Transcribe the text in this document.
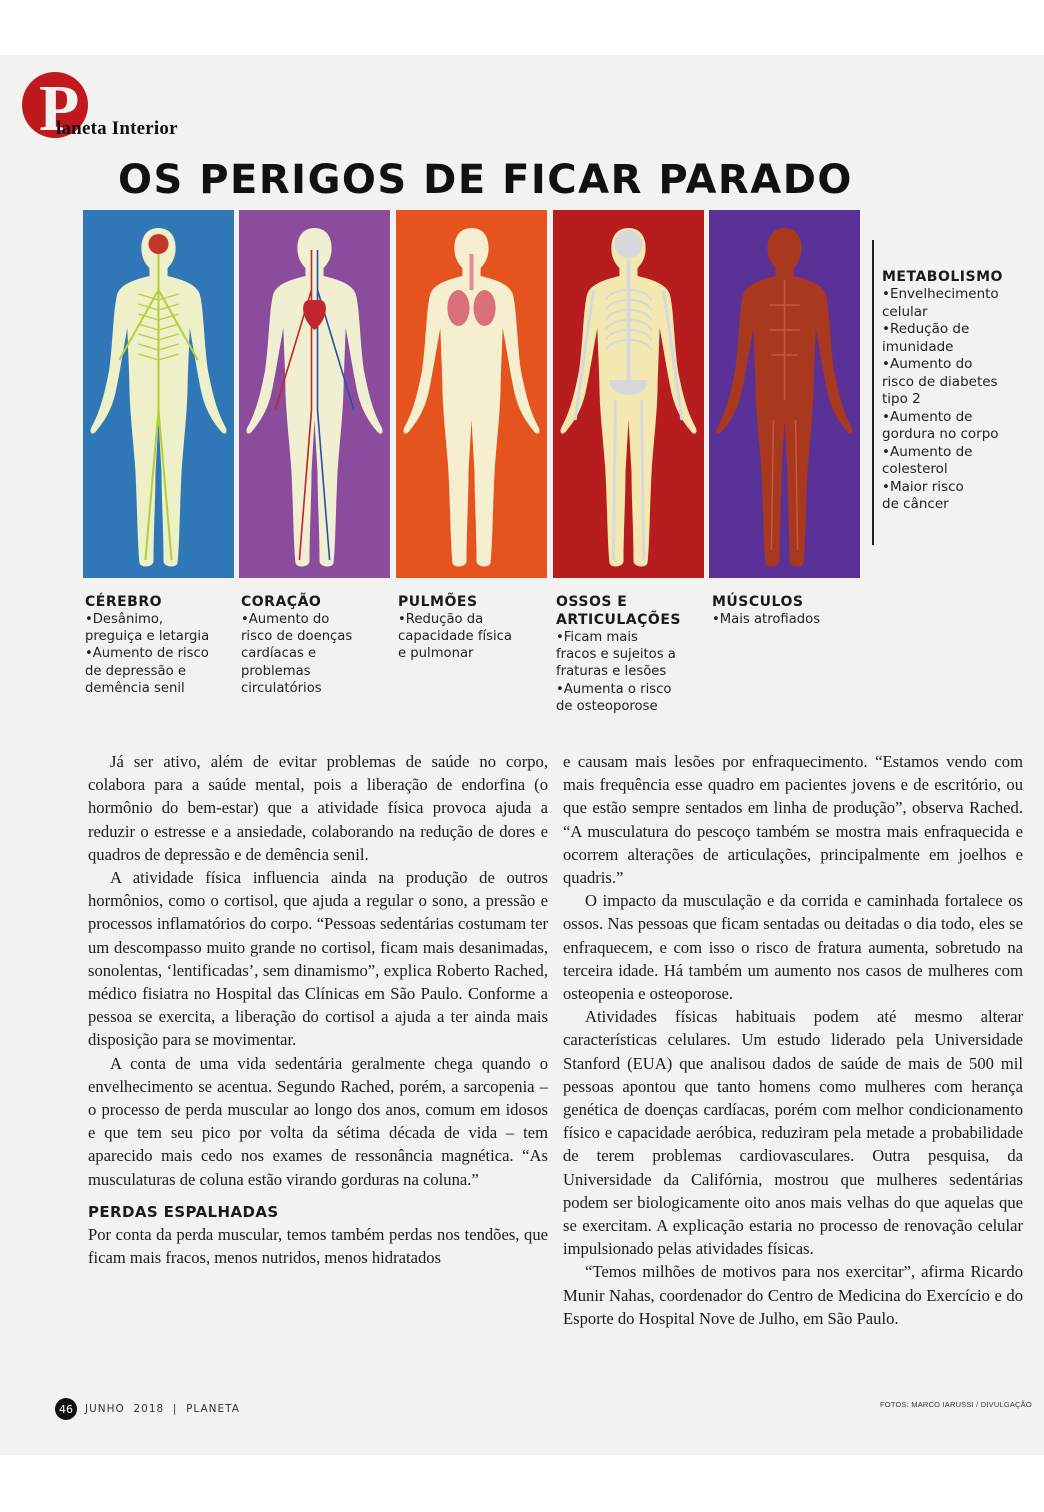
P
laneta Interior
OS PERIGOS DE FICAR PARADO
CÉREBRO
•Desânimo,
preguiça e letargia
•Aumento de risco
de depressão e
demência senil
CORAÇÃO
•Aumento do
risco de doenças
cardíacas e
problemas
circulatórios
PULMÕES
•Redução da
capacidade física
e pulmonar
OSSOS E
ARTICULAÇÕES
•Ficam mais
fracos e sujeitos a
fraturas e lesões
•Aumenta o risco
de osteoporose
MÚSCULOS
•Mais atrofiados
METABOLISMO
•Envelhecimento
celular
•Redução de
imunidade
•Aumento do
risco de diabetes
tipo 2
•Aumento de
gordura no corpo
•Aumento de
colesterol
•Maior risco
de câncer

Já ser ativo, além de evitar problemas de saúde no corpo, colabora para a saúde mental, pois a liberação de endorfina (o hormônio do bem-estar) que a atividade física provoca ajuda a reduzir o estresse e a ansiedade, colaborando na redução de dores e quadros de depressão e de demência senil.

A atividade física influencia ainda na produção de outros hormônios, como o cortisol, que ajuda a regular o sono, a pressão e processos inflamatórios do corpo. “Pessoas sedentárias costumam ter um descompasso muito grande no cortisol, ficam mais desanimadas, sonolentas, ‘lentificadas’, sem dinamismo”, explica Roberto Rached, médico fisiatra no Hospital das Clínicas em São Paulo. Conforme a pessoa se exercita, a liberação do cortisol a ajuda a ter ainda mais disposição para se movimentar.

A conta de uma vida sedentária geralmente chega quando o envelhecimento se acentua. Segundo Rached, porém, a sarcopenia – o processo de perda muscular ao longo dos anos, comum em idosos e que tem seu pico por volta da sétima década de vida – tem aparecido mais cedo nos exames de ressonância magnética. “As musculaturas de coluna estão virando gorduras na coluna.”

PERDAS ESPALHADAS

Por conta da perda muscular, temos também perdas nos tendões, que ficam mais fracos, menos nutridos, menos hidratados

e causam mais lesões por enfraquecimento. “Estamos vendo com mais frequência esse quadro em pacientes jovens e de escritório, ou que estão sempre sentados em linha de produção”, observa Rached. “A musculatura do pescoço também se mostra mais enfraquecida e ocorrem alterações de articulações, principalmente em joelhos e quadris.”

O impacto da musculação e da corrida e caminhada fortalece os ossos. Nas pessoas que ficam sentadas ou deitadas o dia todo, eles se enfraquecem, e com isso o risco de fratura aumenta, sobretudo na terceira idade. Há também um aumento nos casos de mulheres com osteopenia e osteoporose.

Atividades físicas habituais podem até mesmo alterar características celulares. Um estudo liderado pela Universidade Stanford (EUA) que analisou dados de saúde de mais de 500 mil pessoas apontou que tanto homens como mulheres com herança genética de doenças cardíacas, porém com melhor condicionamento físico e capacidade aeróbica, reduziram pela metade a probabilidade de terem problemas cardiovasculares. Outra pesquisa, da Universidade da Califórnia, mostrou que mulheres sedentárias podem ser biologicamente oito anos mais velhas do que aquelas que se exercitam. A explicação estaria no processo de renovação celular impulsionado pelas atividades físicas.

“Temos milhões de motivos para nos exercitar”, afirma Ricardo Munir Nahas, coordenador do Centro de Medicina do Exercício e do Esporte do Hospital Nove de Julho, em São Paulo.

46	JUNHO  2018  |  PLANETA	FOTOS: MARCO IARUSSI / DIVULGAÇÃO
